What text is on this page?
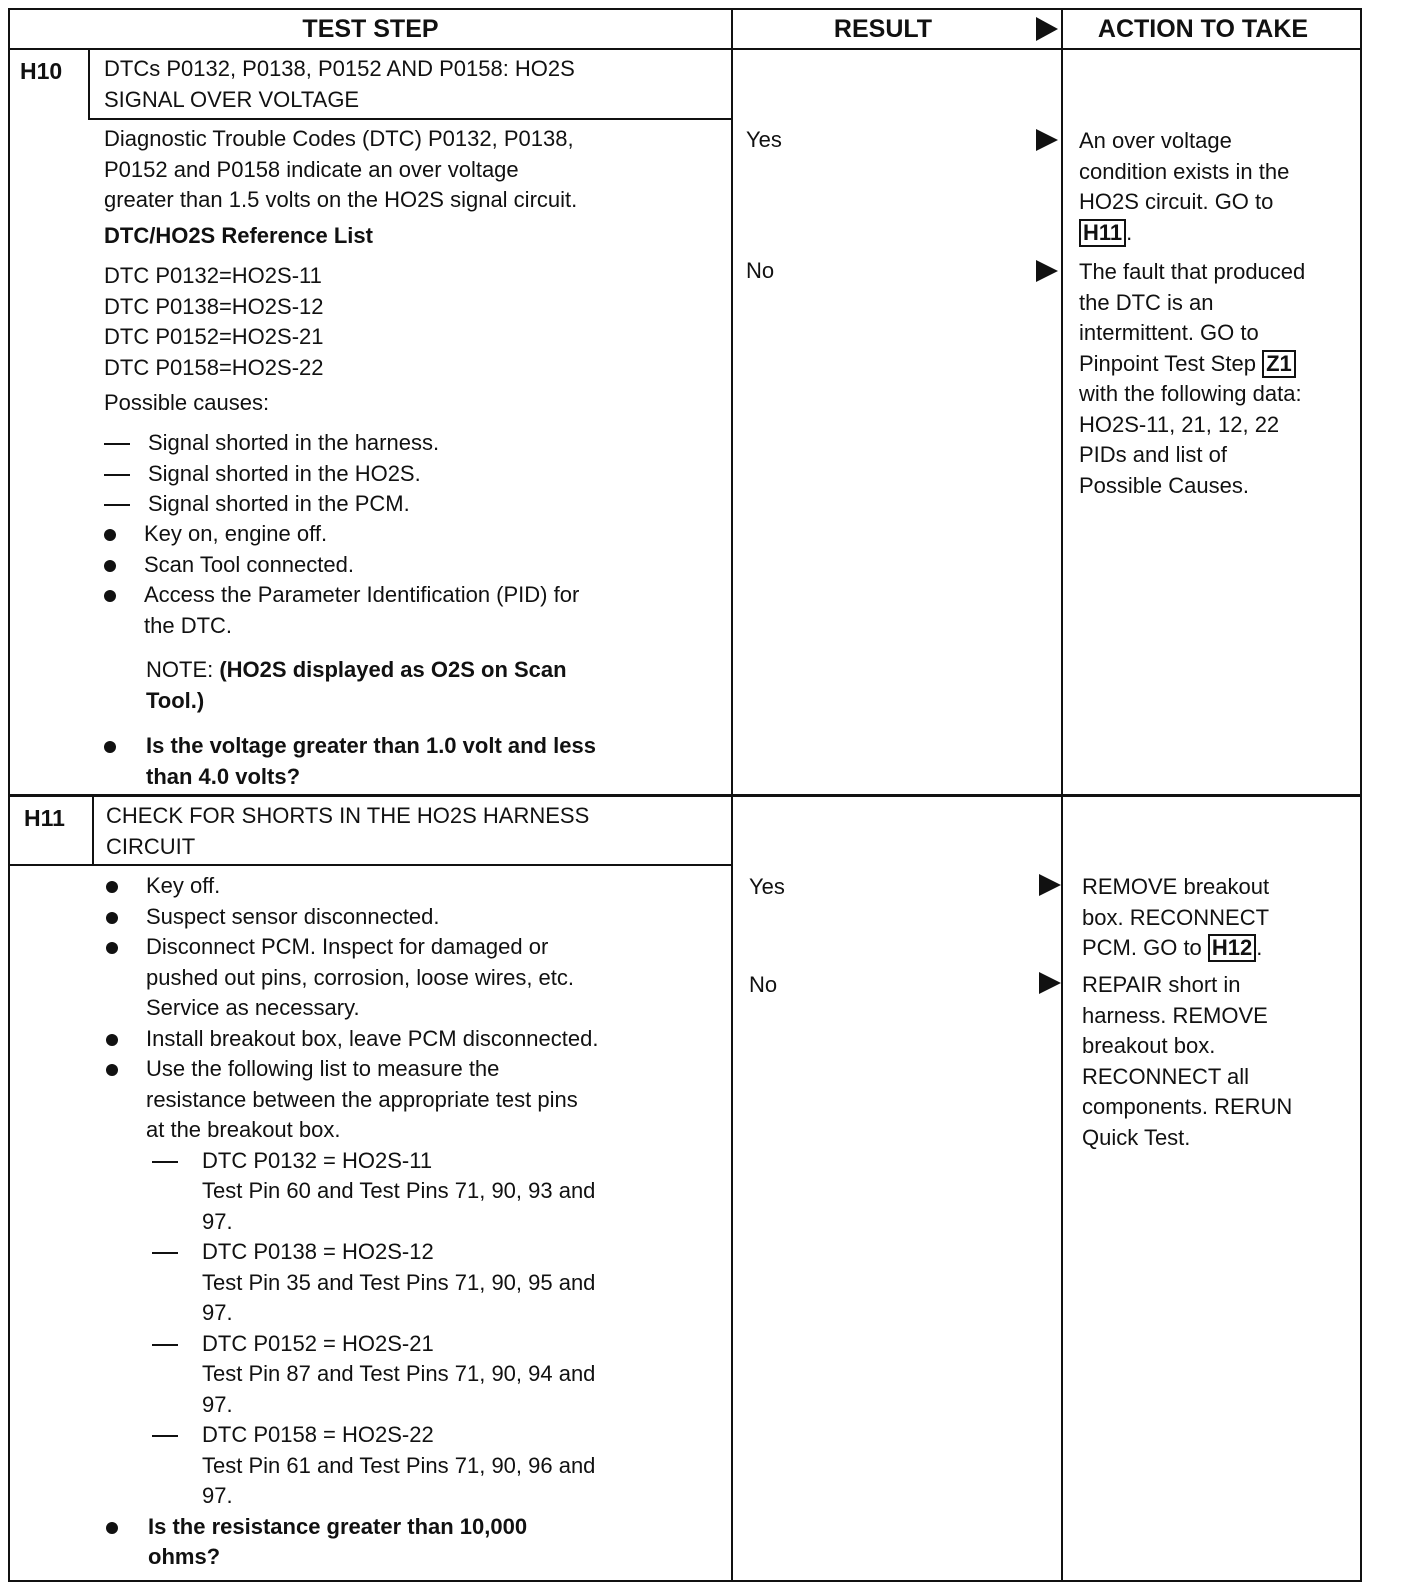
TEST STEP	RESULT	ACTION TO TAKE
H10 DTCs P0132, P0138, P0152 AND P0158: HO2S
SIGNAL OVER VOLTAGE
Diagnostic Trouble Codes (DTC) P0132, P0138,
P0152 and P0158 indicate an over voltage
greater than 1.5 volts on the HO2S signal circuit.
DTC/HO2S Reference List
DTC P0132=HO2S-11
DTC P0138=HO2S-12
DTC P0152=HO2S-21
DTC P0158=HO2S-22
Possible causes:
Signal shorted in the harness.
Signal shorted in the HO2S.
Signal shorted in the PCM.
Key on, engine off.
Scan Tool connected.
Access the Parameter Identification (PID) for
the DTC.
NOTE: (HO2S displayed as O2S on Scan
Tool.)
Is the voltage greater than 1.0 volt and less
than 4.0 volts?
Yes
No
An over voltage
condition exists in the
HO2S circuit. GO to
H11 .
The fault that produced
the DTC is an
intermittent. GO to
Pinpoint Test Step Z1
with the following data:
HO2S-11, 21, 12, 22
PIDs and list of
Possible Causes.
H11 CHECK FOR SHORTS IN THE HO2S HARNESS
CIRCUIT
Key off.
Suspect sensor disconnected.
Disconnect PCM. Inspect for damaged or
pushed out pins, corrosion, loose wires, etc.
Service as necessary.
Install breakout box, leave PCM disconnected.
Use the following list to measure the
resistance between the appropriate test pins
at the breakout box.
DTC P0132 = HO2S-11
Test Pin 60 and Test Pins 71, 90, 93 and
97.
DTC P0138 = HO2S-12
Test Pin 35 and Test Pins 71, 90, 95 and
97.
DTC P0152 = HO2S-21
Test Pin 87 and Test Pins 71, 90, 94 and
97.
DTC P0158 = HO2S-22
Test Pin 61 and Test Pins 71, 90, 96 and
97.
Is the resistance greater than 10,000
ohms?
Yes
No
REMOVE breakout
box. RECONNECT
PCM. GO to H12 .
REPAIR short in
harness. REMOVE
breakout box.
RECONNECT all
components. RERUN
Quick Test.
